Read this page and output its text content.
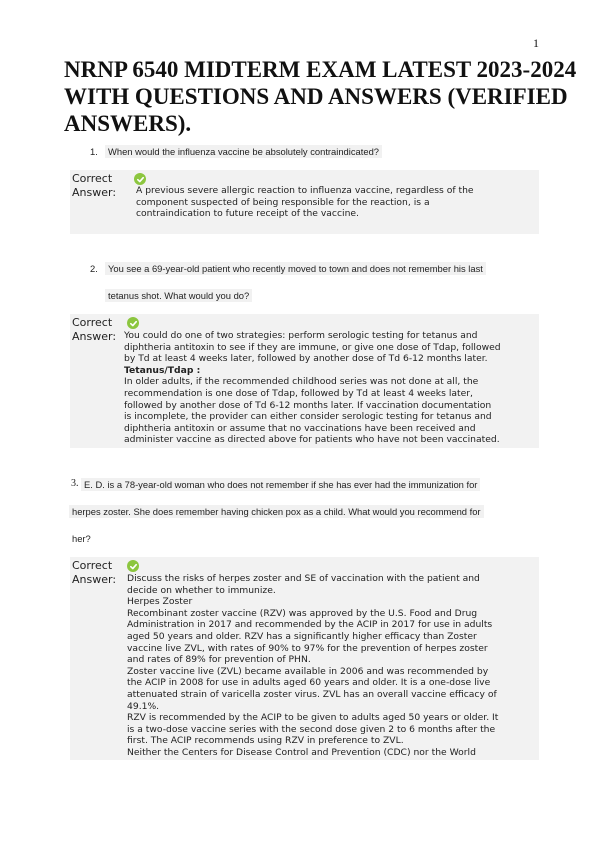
1
NRNP 6540 MIDTERM EXAM LATEST 2023-2024
WITH QUESTIONS AND ANSWERS (VERIFIED
ANSWERS).
1.	When would the influenza vaccine be absolutely contraindicated?
Correct
Answer: A previous severe allergic reaction to influenza vaccine, regardless of the
component suspected of being responsible for the reaction, is a
contraindication to future receipt of the vaccine.
2.	You see a 69-year-old patient who recently moved to town and does not remember his last
tetanus shot. What would you do?
Correct
Answer: You could do one of two strategies: perform serologic testing for tetanus and
diphtheria antitoxin to see if they are immune, or give one dose of Tdap, followed
by Td at least 4 weeks later, followed by another dose of Td 6-12 months later.
Tetanus/Tdap :
In older adults, if the recommended childhood series was not done at all, the
recommendation is one dose of Tdap, followed by Td at least 4 weeks later,
followed by another dose of Td 6-12 months later. If vaccination documentation
is incomplete, the provider can either consider serologic testing for tetanus and
diphtheria antitoxin or assume that no vaccinations have been received and
administer vaccine as directed above for patients who have not been vaccinated.
3. E. D. is a 78-year-old woman who does not remember if she has ever had the immunization for
herpes zoster. She does remember having chicken pox as a child. What would you recommend for
her?
Correct
Answer: Discuss the risks of herpes zoster and SE of vaccination with the patient and
decide on whether to immunize.
Herpes Zoster
Recombinant zoster vaccine (RZV) was approved by the U.S. Food and Drug
Administration in 2017 and recommended by the ACIP in 2017 for use in adults
aged 50 years and older. RZV has a significantly higher efficacy than Zoster
vaccine live ZVL, with rates of 90% to 97% for the prevention of herpes zoster
and rates of 89% for prevention of PHN.
Zoster vaccine live (ZVL) became available in 2006 and was recommended by
the ACIP in 2008 for use in adults aged 60 years and older. It is a one-dose live
attenuated strain of varicella zoster virus. ZVL has an overall vaccine efficacy of
49.1%.
RZV is recommended by the ACIP to be given to adults aged 50 years or older. It
is a two-dose vaccine series with the second dose given 2 to 6 months after the
first. The ACIP recommends using RZV in preference to ZVL.
Neither the Centers for Disease Control and Prevention (CDC) nor the World
